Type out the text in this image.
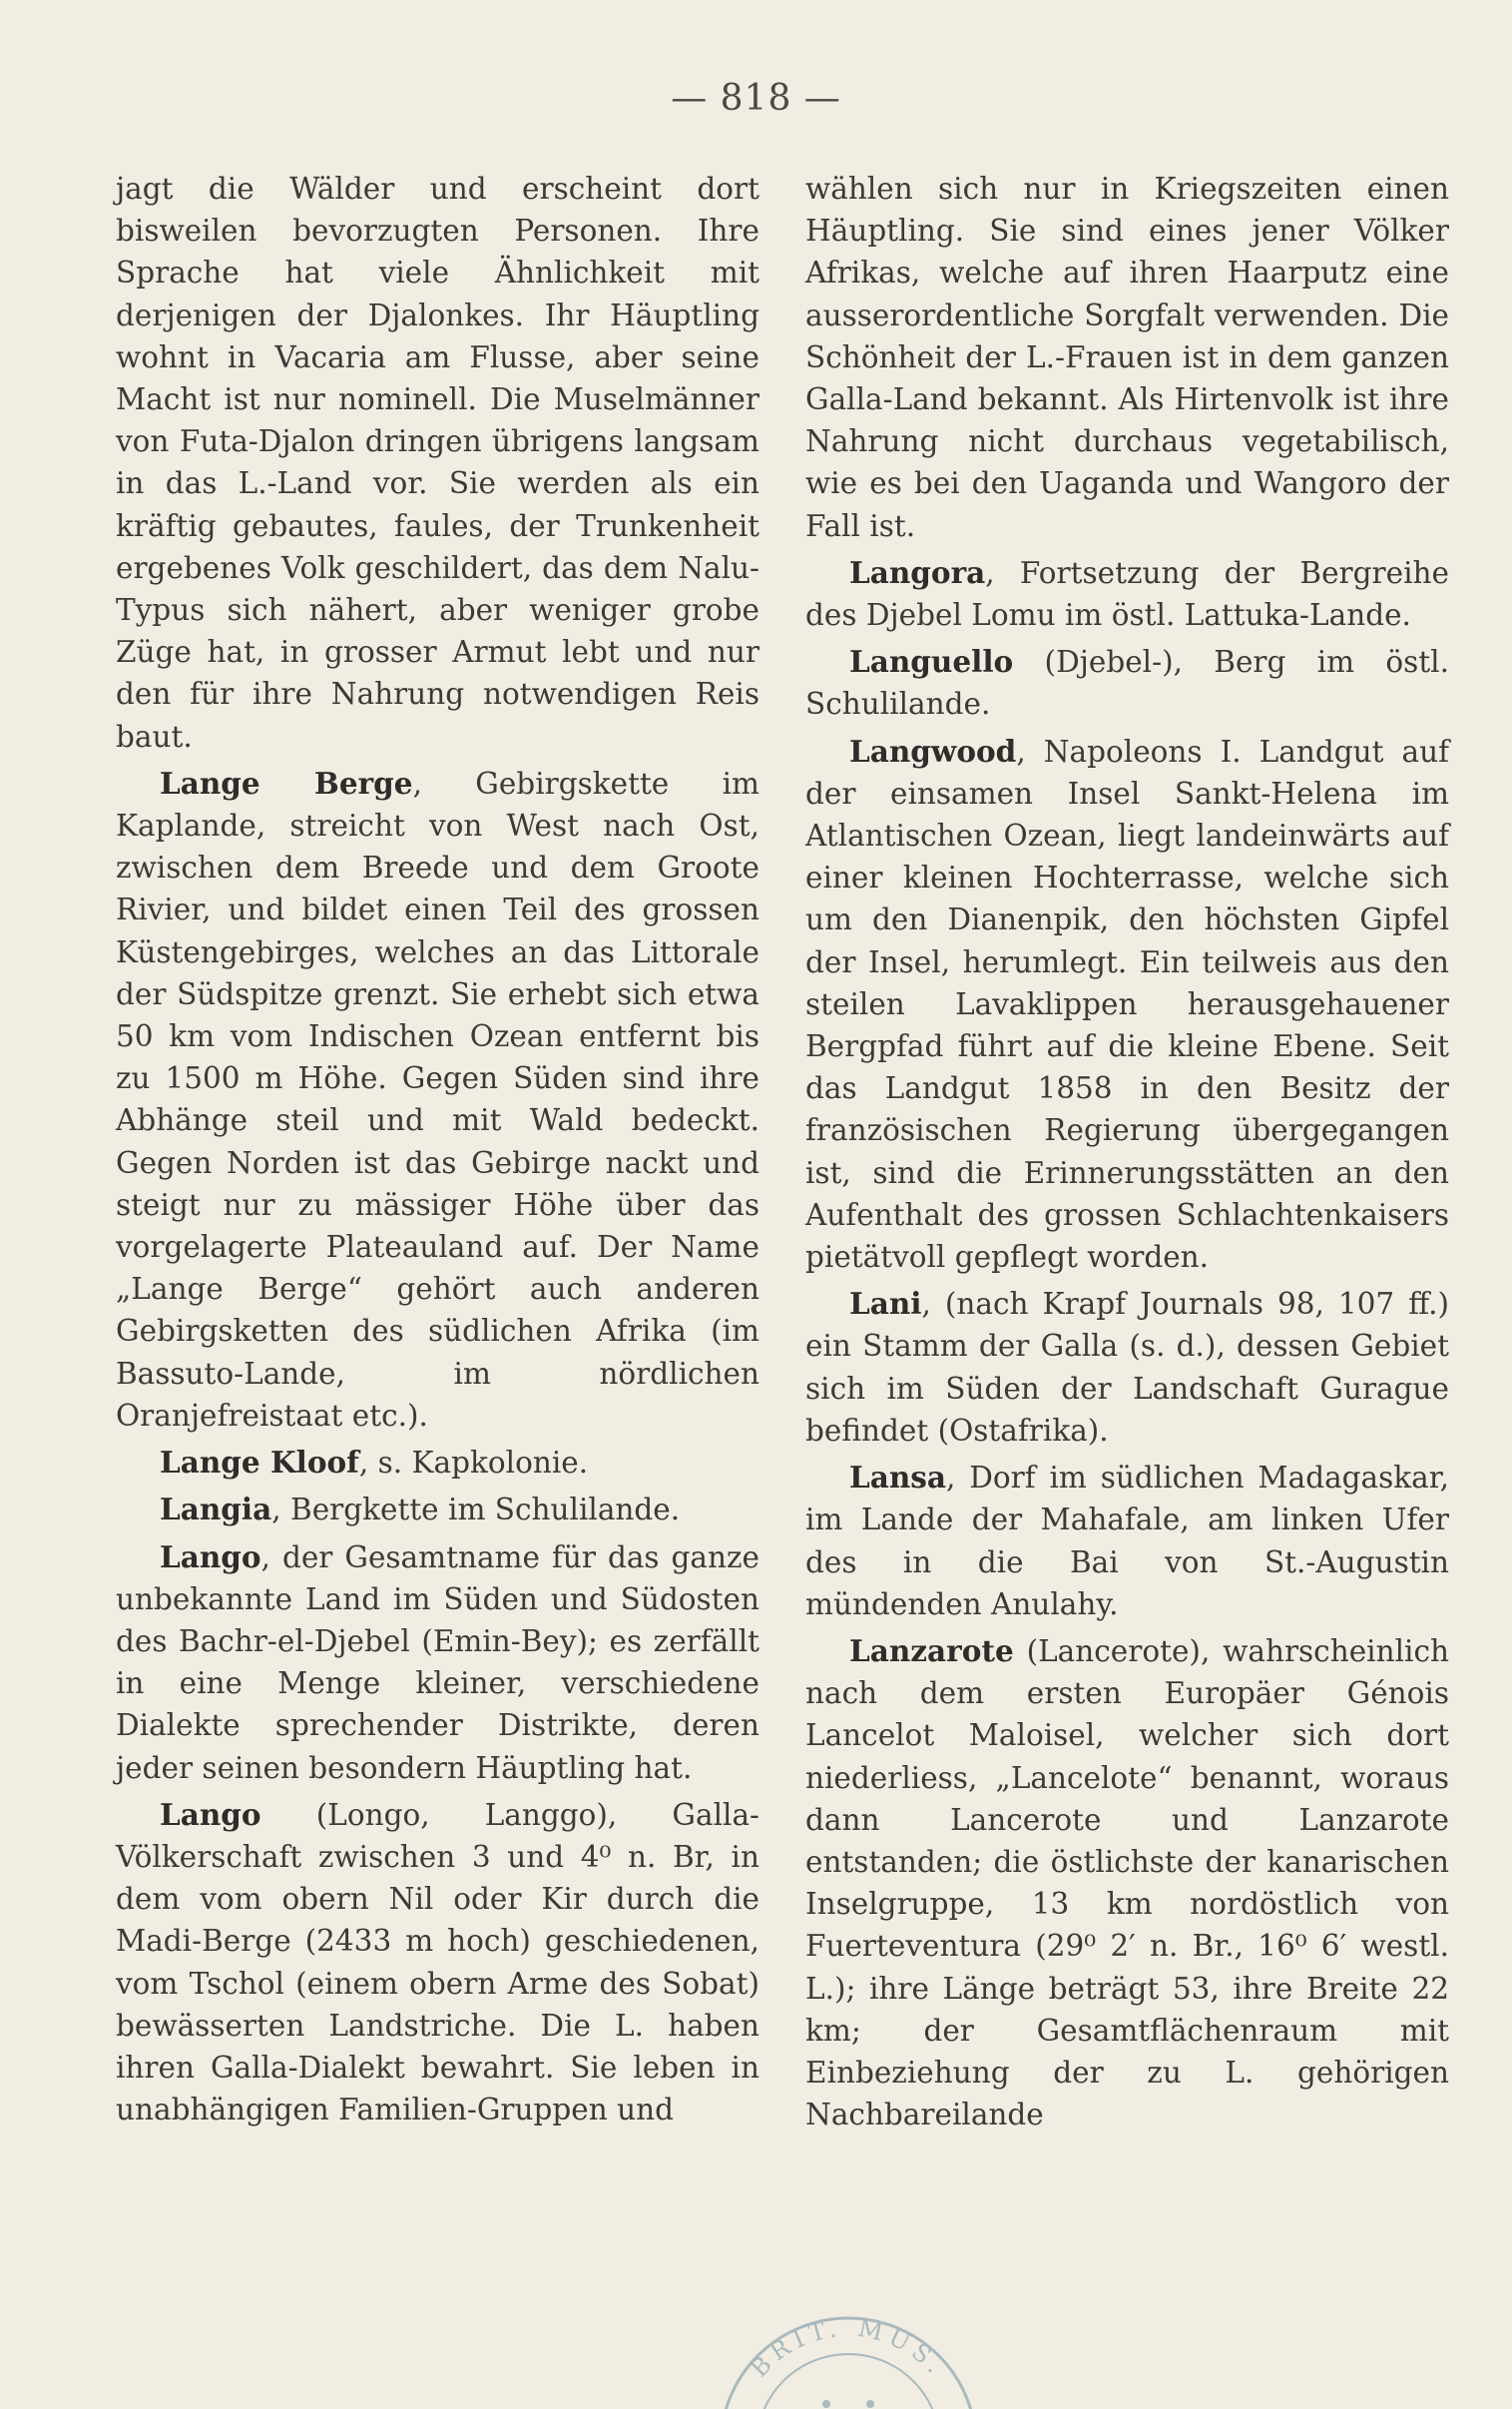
— 818 —

jagt die Wälder und erscheint dort bisweilen bevorzugten Personen. Ihre Sprache hat viele Ähnlichkeit mit derjenigen der Djalonkes. Ihr Häuptling wohnt in Vacaria am Flusse, aber seine Macht ist nur nominell. Die Muselmänner von Futa-Djalon dringen übrigens langsam in das L.-Land vor. Sie werden als ein kräftig gebautes, faules, der Trunkenheit ergebenes Volk geschildert, das dem Nalu-Typus sich nähert, aber weniger grobe Züge hat, in grosser Armut lebt und nur den für ihre Nahrung notwendigen Reis baut.

Lange Berge, Gebirgskette im Kaplande, streicht von West nach Ost, zwischen dem Breede und dem Groote Rivier, und bildet einen Teil des grossen Küstengebirges, welches an das Littorale der Südspitze grenzt. Sie erhebt sich etwa 50 km vom Indischen Ozean entfernt bis zu 1500 m Höhe. Gegen Süden sind ihre Abhänge steil und mit Wald bedeckt. Gegen Norden ist das Gebirge nackt und steigt nur zu mässiger Höhe über das vorgelagerte Plateauland auf. Der Name „Lange Berge“ gehört auch anderen Gebirgsketten des südlichen Afrika (im Bassuto-Lande, im nördlichen Oranjefreistaat etc.).

Lange Kloof, s. Kapkolonie.

Langia, Bergkette im Schulilande.

Lango, der Gesamtname für das ganze unbekannte Land im Süden und Südosten des Bachr-el-Djebel (Emin-Bey); es zerfällt in eine Menge kleiner, verschiedene Dialekte sprechender Distrikte, deren jeder seinen besondern Häuptling hat.

Lango (Longo, Langgo), Galla-Völkerschaft zwischen 3 und 4⁰ n. Br, in dem vom obern Nil oder Kir durch die Madi-Berge (2433 m hoch) geschiedenen, vom Tschol (einem obern Arme des Sobat) bewässerten Landstriche. Die L. haben ihren Galla-Dialekt bewahrt. Sie leben in unabhängigen Familien-Gruppen und

wählen sich nur in Kriegszeiten einen Häuptling. Sie sind eines jener Völker Afrikas, welche auf ihren Haarputz eine ausserordentliche Sorgfalt verwenden. Die Schönheit der L.-Frauen ist in dem ganzen Galla-Land bekannt. Als Hirtenvolk ist ihre Nahrung nicht durchaus vegetabilisch, wie es bei den Uaganda und Wangoro der Fall ist.

Langora, Fortsetzung der Bergreihe des Djebel Lomu im östl. Lattuka-Lande.

Languello (Djebel-), Berg im östl. Schulilande.

Langwood, Napoleons I. Landgut auf der einsamen Insel Sankt-Helena im Atlantischen Ozean, liegt landeinwärts auf einer kleinen Hochterrasse, welche sich um den Dianenpik, den höchsten Gipfel der Insel, herumlegt. Ein teilweis aus den steilen Lavaklippen herausgehauener Bergpfad führt auf die kleine Ebene. Seit das Landgut 1858 in den Besitz der französischen Regierung übergegangen ist, sind die Erinnerungsstätten an den Aufenthalt des grossen Schlachtenkaisers pietätvoll gepflegt worden.

Lani, (nach Krapf Journals 98, 107 ff.) ein Stamm der Galla (s. d.), dessen Gebiet sich im Süden der Landschaft Gurague befindet (Ostafrika).

Lansa, Dorf im südlichen Madagaskar, im Lande der Mahafale, am linken Ufer des in die Bai von St.-Augustin mündenden Anulahy.

Lanzarote (Lancerote), wahrscheinlich nach dem ersten Europäer Génois Lancelot Maloisel, welcher sich dort niederliess, „Lancelote“ benannt, woraus dann Lancerote und Lanzarote entstanden; die östlichste der kanarischen Inselgruppe, 13 km nordöstlich von Fuerteventura (29⁰ 2′ n. Br., 16⁰ 6′ westl. L.); ihre Länge beträgt 53, ihre Breite 22 km; der Gesamtflächenraum mit Einbeziehung der zu L. gehörigen Nachbareilande

BRIT. MUS.
